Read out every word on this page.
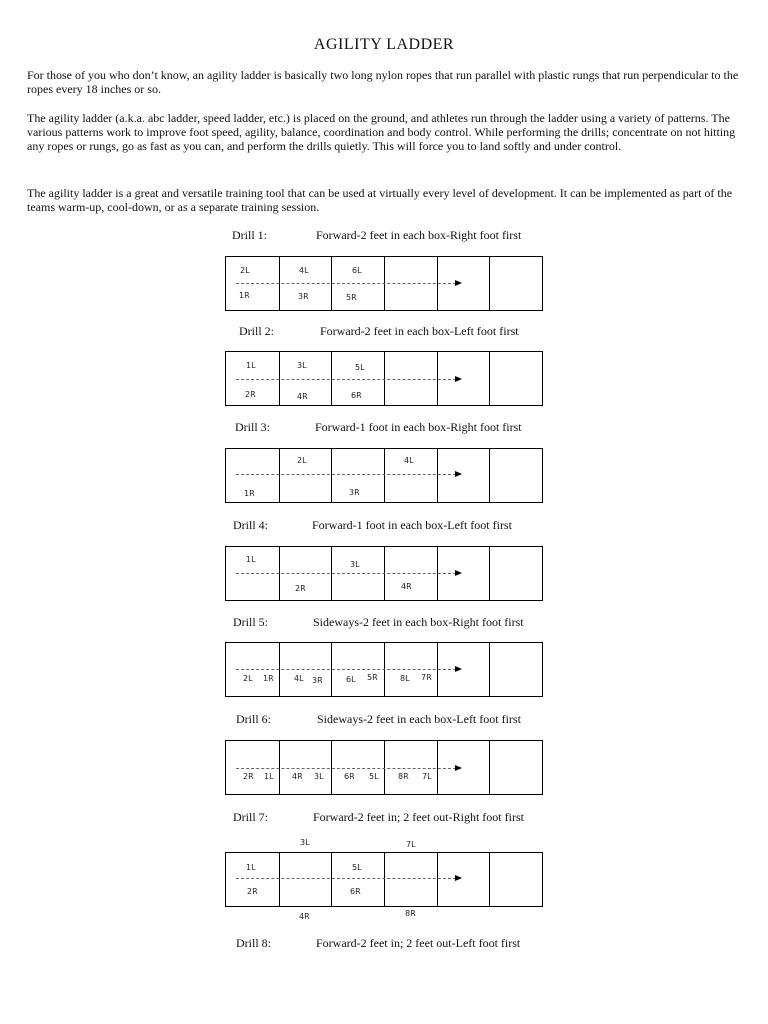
AGILITY LADDER

For those of you who don’t know, an agility ladder is basically two long nylon ropes that run parallel with plastic rungs that run perpendicular to the ropes every 18 inches or so.

The agility ladder (a.k.a. abc ladder, speed ladder, etc.) is placed on the ground, and athletes run through the ladder using a variety of patterns. The various patterns work to improve foot speed, agility, balance, coordination and body control. While performing the drills; concentrate on not hitting any ropes or rungs, go as fast as you can, and perform the drills quietly. This will force you to land softly and under control.

The agility ladder is a great and versatile training tool that can be used at virtually every level of development. It can be implemented as part of the teams warm-up, cool-down, or as a separate training session.

Drill 1:	Forward-2 feet in each box-Right foot first
2L	4L	6L
1R	3R	5R
Drill 2:	Forward-2 feet in each box-Left foot first
1L	3L	5L
2R	4R	6R
Drill 3:	Forward-1 foot in each box-Right foot first
2L	4L
1R	3R
Drill 4:	Forward-1 foot in each box-Left foot first
1L
3L
2R	4R
Drill 5:	Sideways-2 feet in each box-Right foot first
2L 1R	4L 3R	6L 5R	8L 7R
Drill 6:	Sideways-2 feet in each box-Left foot first
2R 1L 4R 3L	6R 5L 8R 7L
Drill 7:	Forward-2 feet in; 2 feet out-Right foot first
3L	7L
1L	5L
2R	6R
4R	8R
Drill 8:	Forward-2 feet in; 2 feet out-Left foot first
